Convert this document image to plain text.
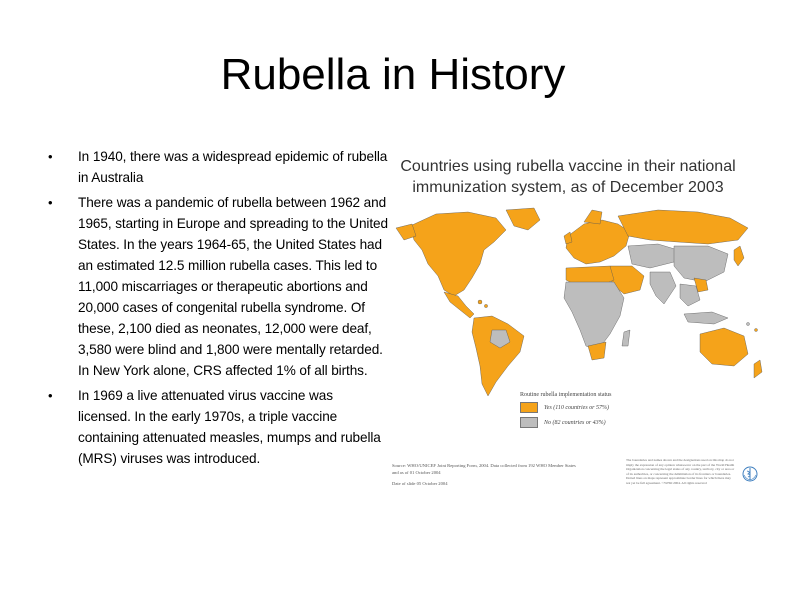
Rubella in History
• In 1940, there was a widespread epidemic of rubella in Australia
• There was a pandemic of rubella between 1962 and 1965, starting in Europe and spreading to the United States. In the years 1964-65, the United States had an estimated 12.5 million rubella cases. This led to 11,000 miscarriages or therapeutic abortions and 20,000 cases of congenital rubella syndrome. Of these, 2,100 died as neonates, 12,000 were deaf, 3,580 were blind and 1,800 were mentally retarded. In New York alone, CRS affected 1% of all births.
• In 1969 a live attenuated virus vaccine was licensed. In the early 1970s, a triple vaccine containing attenuated measles, mumps and rubella (MRS) viruses was introduced.
Countries using rubella vaccine in their national
immunization system, as of December 2003
Routine rubella implementation status
Yes (110 countries or 57%)
No (82 countries or 43%)
Source: WHO/UNICEF Joint Reporting Form, 2004. Data collected from 192 WHO Member States
and as of 01 October 2004
Date of slide 05 October 2004
The boundaries and names shown and the designations used on this map do not imply the expression of any opinion whatsoever on the part of the World Health Organization concerning the legal status of any country, territory, city or area or of its authorities, or concerning the delimitation of its frontiers or boundaries. Dotted lines on maps represent approximate border lines for which there may not yet be full agreement. ©WHO 2004. All rights reserved
